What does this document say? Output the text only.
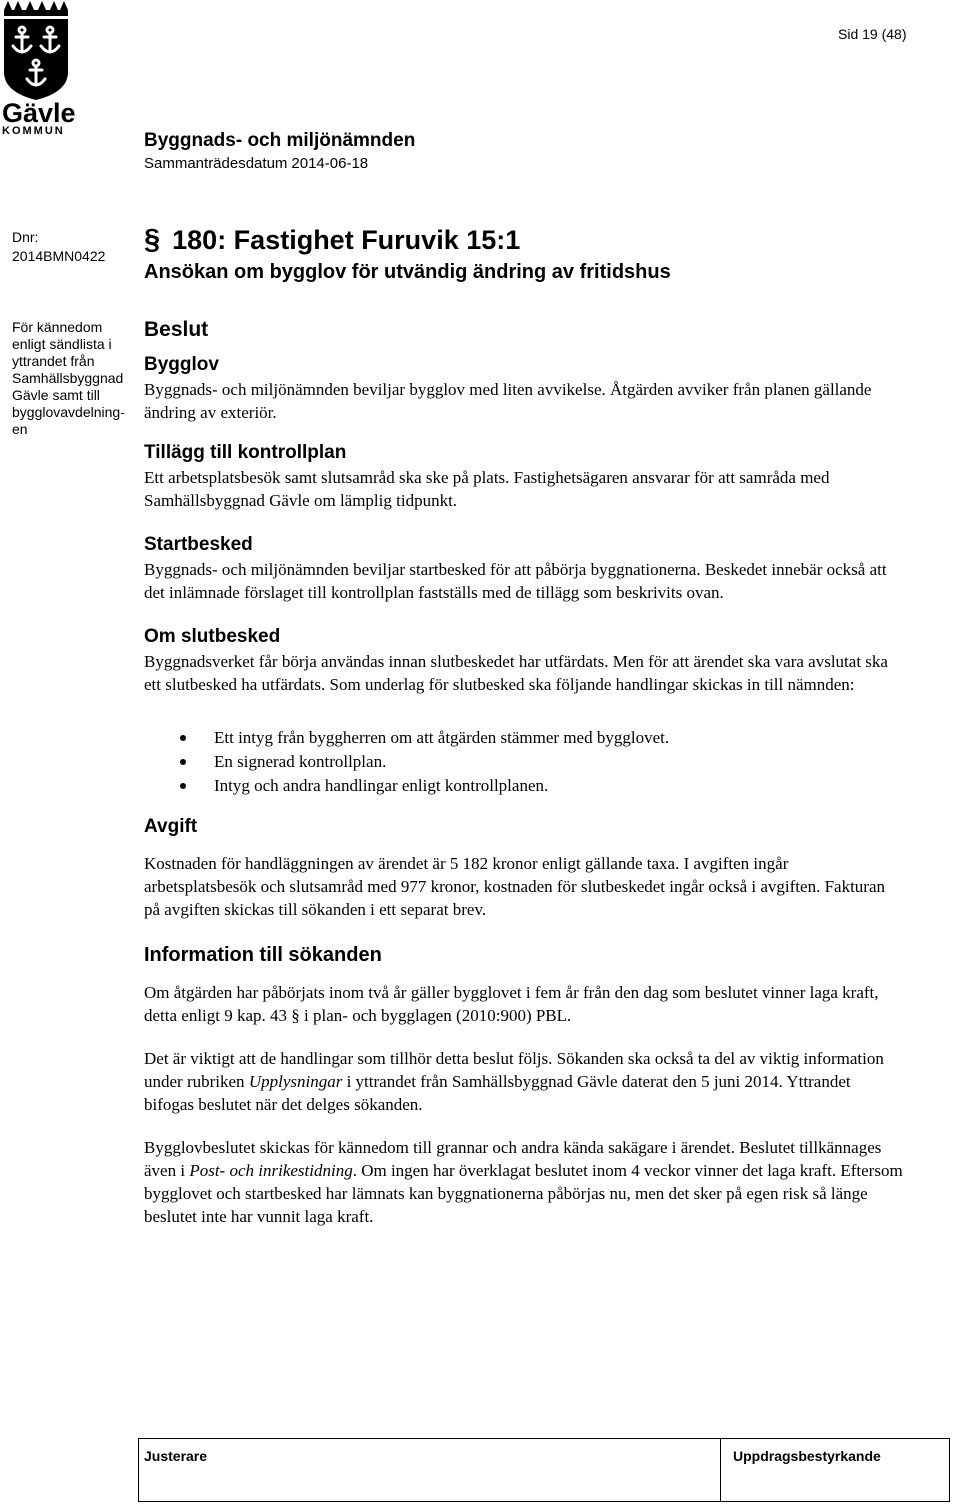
Gävle
KOMMUN
Sid 19 (48)
Byggnads- och miljönämnden
Sammanträdesdatum 2014-06-18
Dnr:
2014BMN0422 § 180: Fastighet Furuvik 15:1
Ansökan om bygglov för utvändig ändring av fritidshus
För kännedom
enligt sändlista i
yttrandet från
Samhällsbyggnad
Gävle samt till
bygglovavdelning-
en
Beslut
Bygglov

Byggnads- och miljönämnden beviljar bygglov med liten avvikelse. Åtgärden avviker från planen gällande ändring av exteriör.

Tillägg till kontrollplan

Ett arbetsplatsbesök samt slutsamråd ska ske på plats. Fastighetsägaren ansvarar för att samråda med Samhällsbyggnad Gävle om lämplig tidpunkt.

Startbesked

Byggnads- och miljönämnden beviljar startbesked för att påbörja byggnationerna. Beskedet innebär också att det inlämnade förslaget till kontrollplan fastställs med de tillägg som beskrivits ovan.

Om slutbesked

Byggnadsverket får börja användas innan slutbeskedet har utfärdats. Men för att ärendet ska vara avslutat ska ett slutbesked ha utfärdats. Som underlag för slutbesked ska följande handlingar skickas in till nämnden:

Ett intyg från byggherren om att åtgärden stämmer med bygglovet.
En signerad kontrollplan.
Intyg och andra handlingar enligt kontrollplanen.
Avgift

Kostnaden för handläggningen av ärendet är 5 182 kronor enligt gällande taxa. I avgiften ingår arbetsplatsbesök och slutsamråd med 977 kronor, kostnaden för slutbeskedet ingår också i avgiften. Fakturan på avgiften skickas till sökanden i ett separat brev.

Information till sökanden

Om åtgärden har påbörjats inom två år gäller bygglovet i fem år från den dag som beslutet vinner laga kraft, detta enligt 9 kap. 43 § i plan- och bygglagen (2010:900) PBL.

Det är viktigt att de handlingar som tillhör detta beslut följs. Sökanden ska också ta del av viktig information under rubriken Upplysningar i yttrandet från Samhällsbyggnad Gävle daterat den 5 juni 2014. Yttrandet bifogas beslutet när det delges sökanden.

Bygglovbeslutet skickas för kännedom till grannar och andra kända sakägare i ärendet. Beslutet tillkännages även i Post- och inrikestidning. Om ingen har överklagat beslutet inom 4 veckor vinner det laga kraft. Eftersom bygglovet och startbesked har lämnats kan byggnationerna påbörjas nu, men det sker på egen risk så länge beslutet inte har vunnit laga kraft.

Justerare	Uppdragsbestyrkande
